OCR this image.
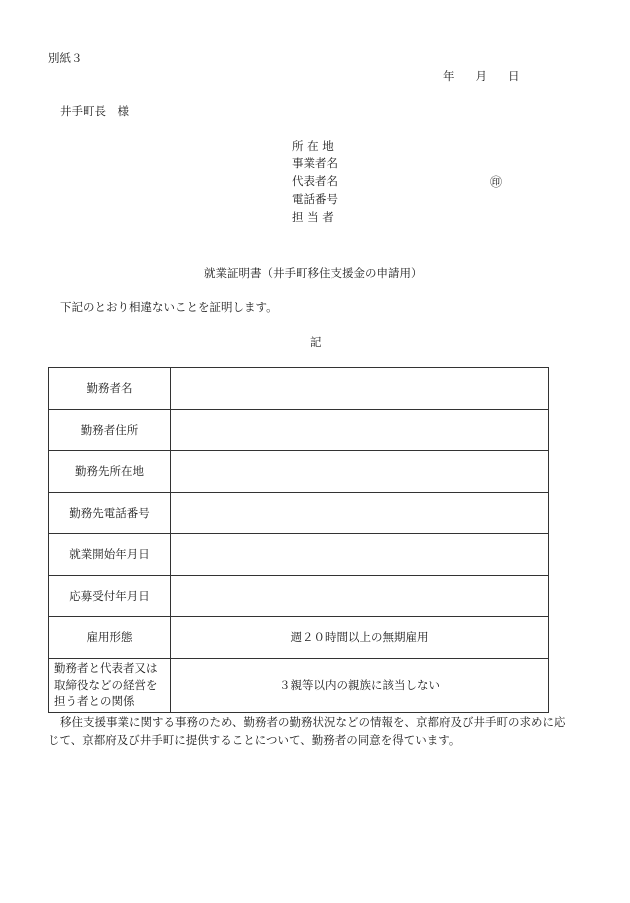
別紙３
年 月 日
井手町長　様
所 在 地
事業者名
代表者名	㊞
電話番号
担 当 者
就業証明書（井手町移住支援金の申請用）
下記のとおり相違ないことを証明します。
記
勤務者名	
勤務者住所	
勤務先所在地	
勤務先電話番号	
就業開始年月日	
応募受付年月日	
雇用形態	週２０時間以上の無期雇用

勤務者と代表者又は
取締役などの経営を
担う者との関係	３親等以内の親族に該当しない
移住支援事業に関する事務のため、勤務者の勤務状況などの情報を、京都府及び井手町の求めに応じて、京都府及び井手町に提供することについて、勤務者の同意を得ています。
